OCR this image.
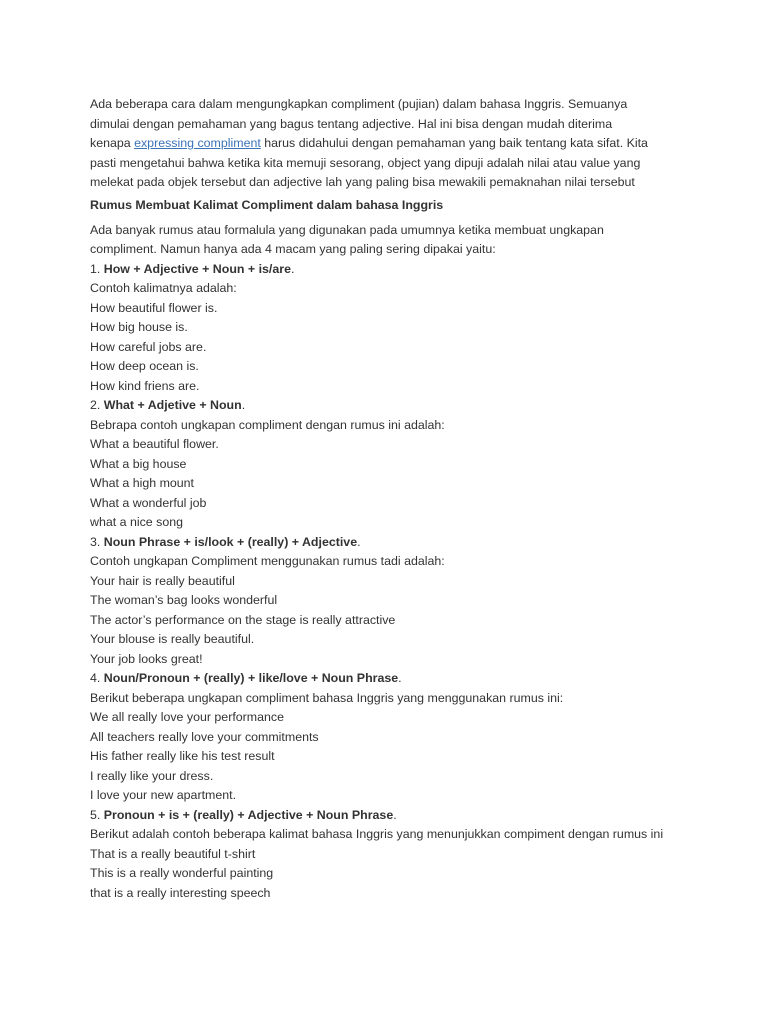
Ada beberapa cara dalam mengungkapkan compliment (pujian) dalam bahasa Inggris. Semuanya
dimulai dengan pemahaman yang bagus tentang adjective. Hal ini bisa dengan mudah diterima
kenapa expressing compliment harus didahului dengan pemahaman yang baik tentang kata sifat. Kita
pasti mengetahui bahwa ketika kita memuji sesorang, object yang dipuji adalah nilai atau value yang
melekat pada objek tersebut dan adjective lah yang paling bisa mewakili pemaknahan nilai tersebut

Rumus Membuat Kalimat Compliment dalam bahasa Inggris
Ada banyak rumus atau formalula yang digunakan pada umumnya ketika membuat ungkapan
compliment. Namun hanya ada 4 macam yang paling sering dipakai yaitu:
1. How + Adjective + Noun + is/are.
Contoh kalimatnya adalah:
How beautiful flower is.
How big house is.
How careful jobs are.
How deep ocean is.
How kind friens are.
2. What + Adjetive + Noun.
Bebrapa contoh ungkapan compliment dengan rumus ini adalah:
What a beautiful flower.
What a big house
What a high mount
What a wonderful job
what a nice song
3. Noun Phrase + is/look + (really) + Adjective.
Contoh ungkapan Compliment menggunakan rumus tadi adalah:
Your hair is really beautiful
The woman’s bag looks wonderful
The actor’s performance on the stage is really attractive
Your blouse is really beautiful.
Your job looks great!
4. Noun/Pronoun + (really) + like/love + Noun Phrase.
Berikut beberapa ungkapan compliment bahasa Inggris yang menggunakan rumus ini:
We all really love your performance
All teachers really love your commitments
His father really like his test result
I really like your dress.
I love your new apartment.
5. Pronoun + is + (really) + Adjective + Noun Phrase.
Berikut adalah contoh beberapa kalimat bahasa Inggris yang menunjukkan compiment dengan rumus ini
That is a really beautiful t-shirt
This is a really wonderful painting
that is a really interesting speech
